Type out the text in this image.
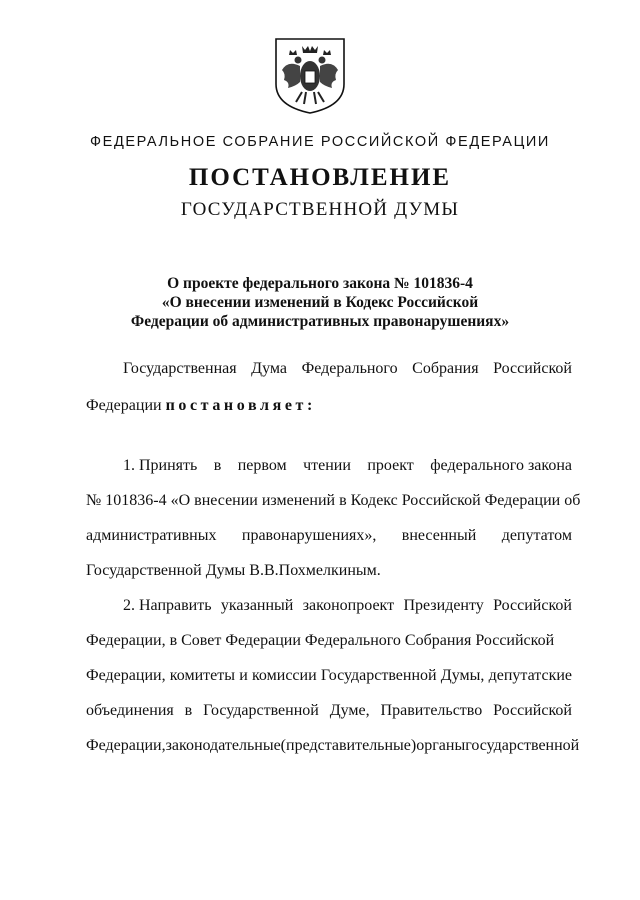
ФЕДЕРАЛЬНОЕ СОБРАНИЕ РОССИЙСКОЙ ФЕДЕРАЦИИ
ПОСТАНОВЛЕНИЕ
ГОСУДАРСТВЕННОЙ ДУМЫ
О проекте федерального закона № 101836-4
«О внесении изменений в Кодекс Российской
Федерации об административных правонарушениях»
Государственная Дума Федерального Собрания Российской
Федерации постановляет:
1. Принять в первом чтении проект федерального закона
№ 101836-4 «О внесении изменений в Кодекс Российской Федерации об
административных правонарушениях», внесенный депутатом
Государственной Думы В.В.Похмелкиным.
2. Направить указанный законопроект Президенту Российской
Федерации, в Совет Федерации Федерального Собрания Российской
Федерации, комитеты и комиссии Государственной Думы, депутатские
объединения в Государственной Думе, Правительство Российской
Федерации, законодательные (представительные) органы государственной
